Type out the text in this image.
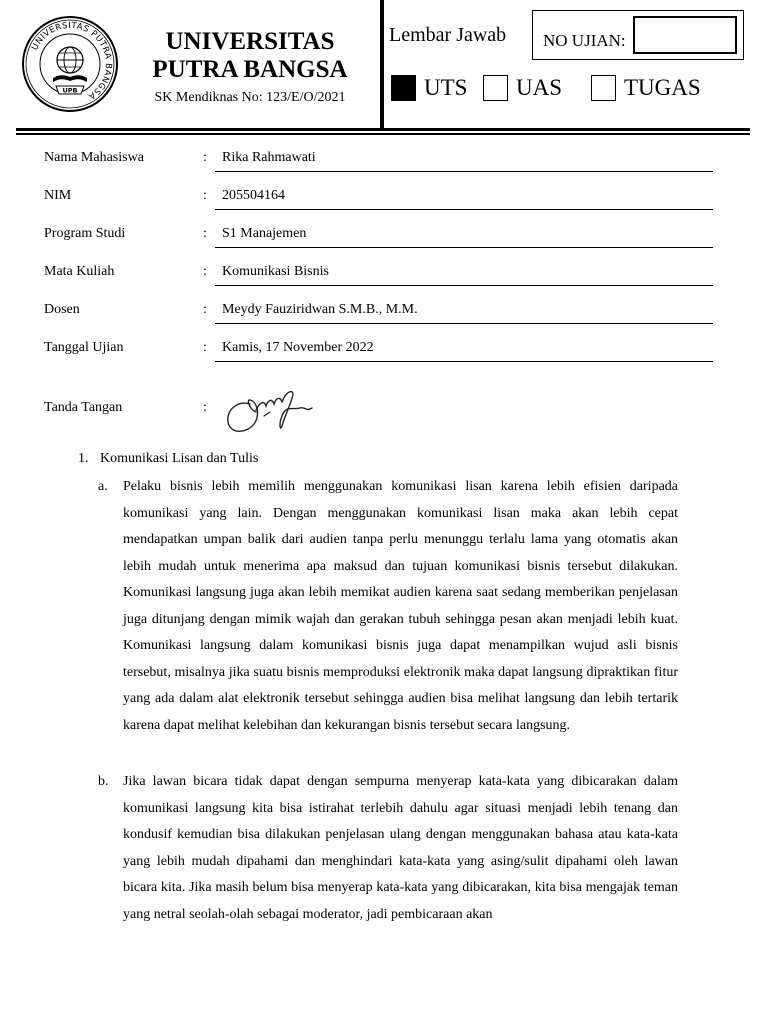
UNIVERSITAS PUTRA BANGSA
UPB

UNIVERSITAS
PUTRA BANGSA

SK Mendiknas No: 123/E/O/2021
Lembar Jawab NO UJIAN:
UTS UAS	TUGAS
Nama Mahasiswa	: Rika Rahmawati
NIM	: 205504164
Program Studi	: S1 Manajemen
Mata Kuliah	: Komunikasi Bisnis
Dosen	: Meydy Fauziridwan S.M.B., M.M.
Tanggal Ujian	: Kamis, 17 November 2022
Tanda Tangan	:
1. Komunikasi Lisan dan Tulis
a. Pelaku bisnis lebih memilih menggunakan komunikasi lisan karena lebih efisien daripada komunikasi yang lain. Dengan menggunakan komunikasi lisan maka akan lebih cepat mendapatkan umpan balik dari audien tanpa perlu menunggu terlalu lama yang otomatis akan lebih mudah untuk menerima apa maksud dan tujuan komunikasi bisnis tersebut dilakukan. Komunikasi langsung juga akan lebih memikat audien karena saat sedang memberikan penjelasan juga ditunjang dengan mimik wajah dan gerakan tubuh sehingga pesan akan menjadi lebih kuat. Komunikasi langsung dalam komunikasi bisnis juga dapat menampilkan wujud asli bisnis tersebut, misalnya jika suatu bisnis memproduksi elektronik maka dapat langsung dipraktikan fitur yang ada dalam alat elektronik tersebut sehingga audien bisa melihat langsung dan lebih tertarik karena dapat melihat kelebihan dan kekurangan bisnis tersebut secara langsung.

b. Jika lawan bicara tidak dapat dengan sempurna menyerap kata-kata yang dibicarakan dalam komunikasi langsung kita bisa istirahat terlebih dahulu agar situasi menjadi lebih tenang dan kondusif kemudian bisa dilakukan penjelasan ulang dengan menggunakan bahasa atau kata-kata yang lebih mudah dipahami dan menghindari kata-kata yang asing/sulit dipahami oleh lawan bicara kita. Jika masih belum bisa menyerap kata-kata yang dibicarakan, kita bisa mengajak teman yang netral seolah-olah sebagai moderator, jadi pembicaraan akan
